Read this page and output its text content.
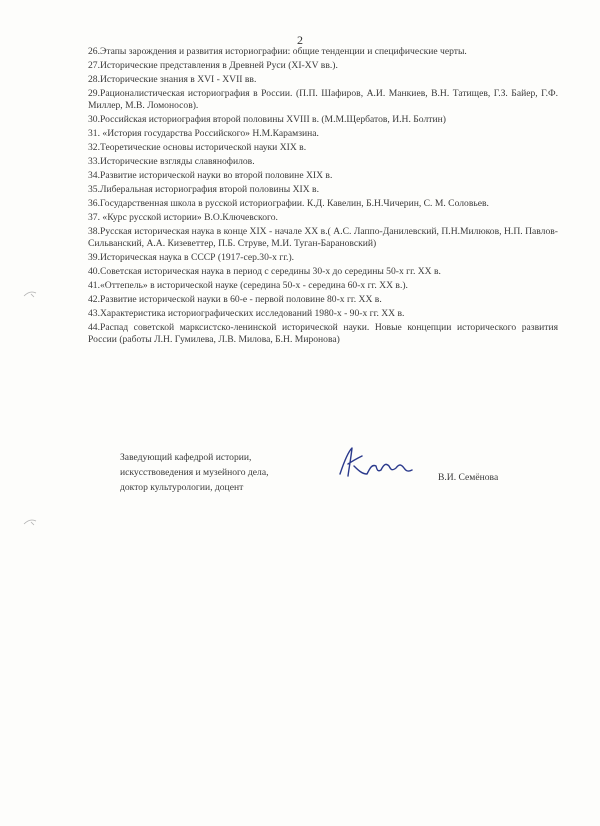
2
26.Этапы зарождения и развития историографии: общие тенденции и специфические черты.
27.Исторические представления в Древней Руси (XI-XV вв.).
28.Исторические знания в XVI - XVII вв.
29.Рационалистическая историография в России. (П.П. Шафиров, А.И. Манкиев, В.Н. Татищев, Г.З. Байер, Г.Ф. Миллер, М.В. Ломоносов).
30.Российская историография второй половины XVIII в. (М.М.Щербатов, И.Н. Болтин)
31. «История государства Российского» Н.М.Карамзина.
32.Теоретические основы исторической науки XIX в.
33.Исторические взгляды славянофилов.
34.Развитие исторической науки во второй половине XIX в.
35.Либеральная историография второй половины XIX в.
36.Государственная школа в русской историографии. К.Д. Кавелин, Б.Н.Чичерин, С. М. Соловьев.
37. «Курс русской истории» В.О.Ключевского.
38.Русская историческая наука в конце XIX - начале XX в.( А.С. Лаппо-Данилевский, П.Н.Милюков, Н.П. Павлов-Сильванский, А.А. Кизеветтер, П.Б. Струве, М.И. Туган-Барановский)
39.Историческая наука в СССР (1917-сер.30-х гг.).
40.Советская историческая наука в период с середины 30-х до середины 50-х гг. XX в.
41.«Оттепель» в исторической науке (середина 50-х - середина 60-х гг. XX в.).
42.Развитие исторической науки в 60-е - первой половине 80-х гг. XX в.
43.Характеристика историографических исследований 1980-х - 90-х гг. XX в.
44.Распад советской марксистско-ленинской исторической науки. Новые концепции исторического развития России (работы Л.Н. Гумилева, Л.В. Милова, Б.Н. Миронова)
Заведующий кафедрой истории,
искусствоведения и музейного дела,
доктор культурологии, доцент
В.И. Семёнова
